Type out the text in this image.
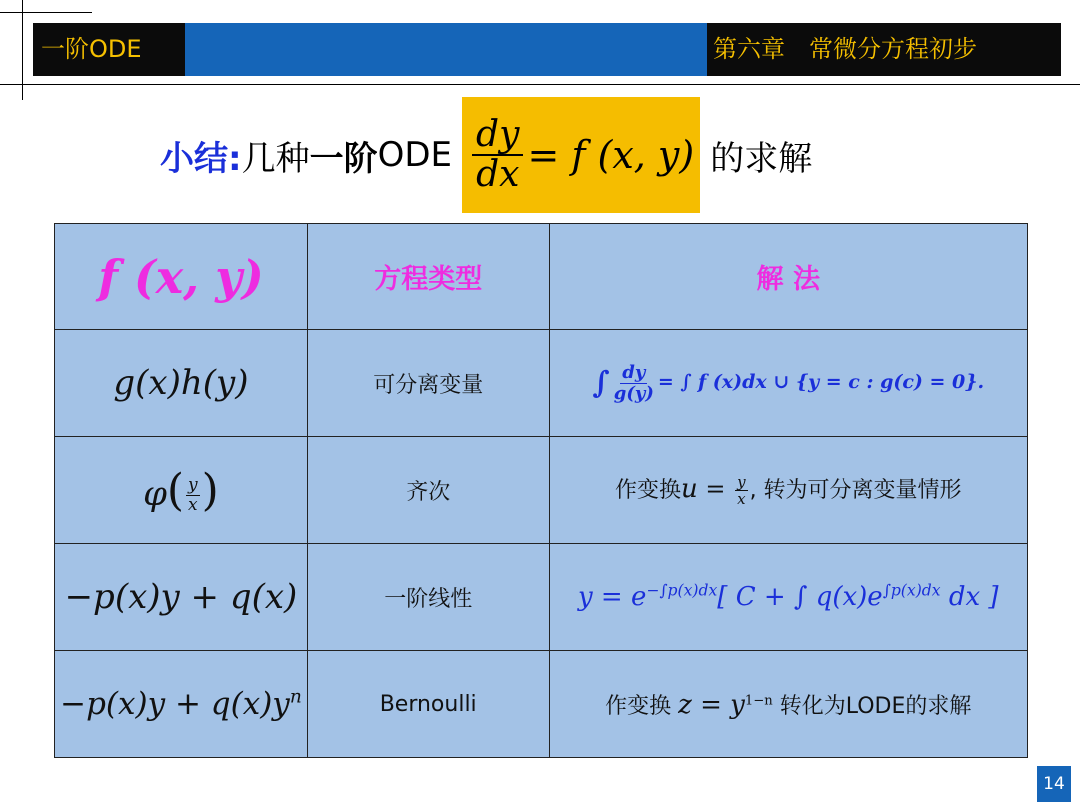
一阶ODE	第六章　常微分方程初步
小结: 几种 一阶 ODE $\frac{dy}{dx} = f$ (x, y) 的求解
f (x, y)	方程类型	解 法
g(x)h(y)	可分离变量	∫ $\frac{dy}{g(y)}$ = ∫ f (x)dx ∪ {y = c : g(c) = 0}.
$\varphi( \frac{y}{x}$ )	齐次	作变换$u = \frac{y}{x}$ , 转为可分离变量情形
−p(x)y + q(x)	一阶线性	$y = e^{-\int p(x)dx}$[ C + ∫ $q(x)e^{\int p(x)dx}$ dx ]
$-p(x)y + q(x)y^n$	Bernoulli	作变换 $z = y^{1-n}$ 转化为LODE的求解
14
